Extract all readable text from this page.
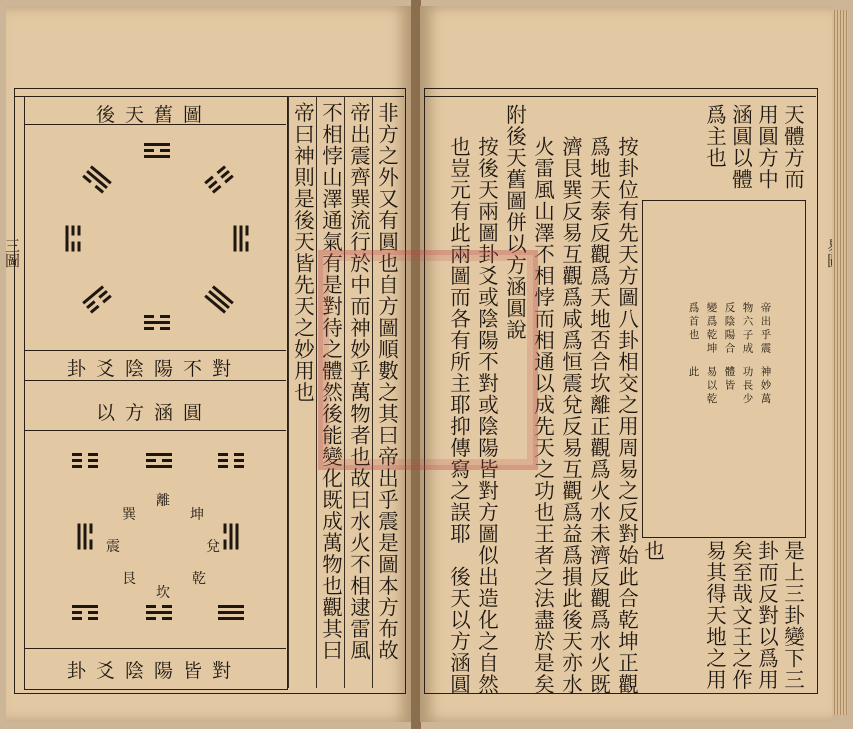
後天舊圖
卦爻陰陽不對
以方涵圓
離
坤
兌
乾
坎
艮
震
巽
卦爻陰陽皆對
非方之外又有圓也自方圖順數之其曰帝出乎震是圖本方布故
帝出震齊巽流行於中而神妙乎萬物者也故曰水火不相逮雷風
不相悖山澤通氣有是對待之體然後能變化既成萬物也觀其曰
帝曰神則是後天皆先天之妙用也
三圖
天體方而
用圓方中
涵圓以體
爲主也
帝出乎震
神妙萬
物六子成
功長少
反陰陽合
體皆
變爲乾坤
易以乾
爲首也
此
是上三卦變下三
卦而反對以爲用
矣至哉文王之作
易其得天地之用
也
按卦位有先天方圖八卦相交之用周易之反對始此合乾坤正觀
爲地天泰反觀爲天地否合坎離正觀爲火水未濟反觀爲水火既
濟艮巽反易互觀爲咸爲恒震兌反易互觀爲益爲損此後天亦水
火雷風山澤不相悖而相通以成先天之功也王者之法盡於是矣
附後天舊圖併以方涵圓說
按後天兩圖卦爻或陰陽不對或陰陽皆對方圖似出造化之自然
也豈元有此兩圖而各有所主耶抑傳寫之誤耶　後天以方涵圓
